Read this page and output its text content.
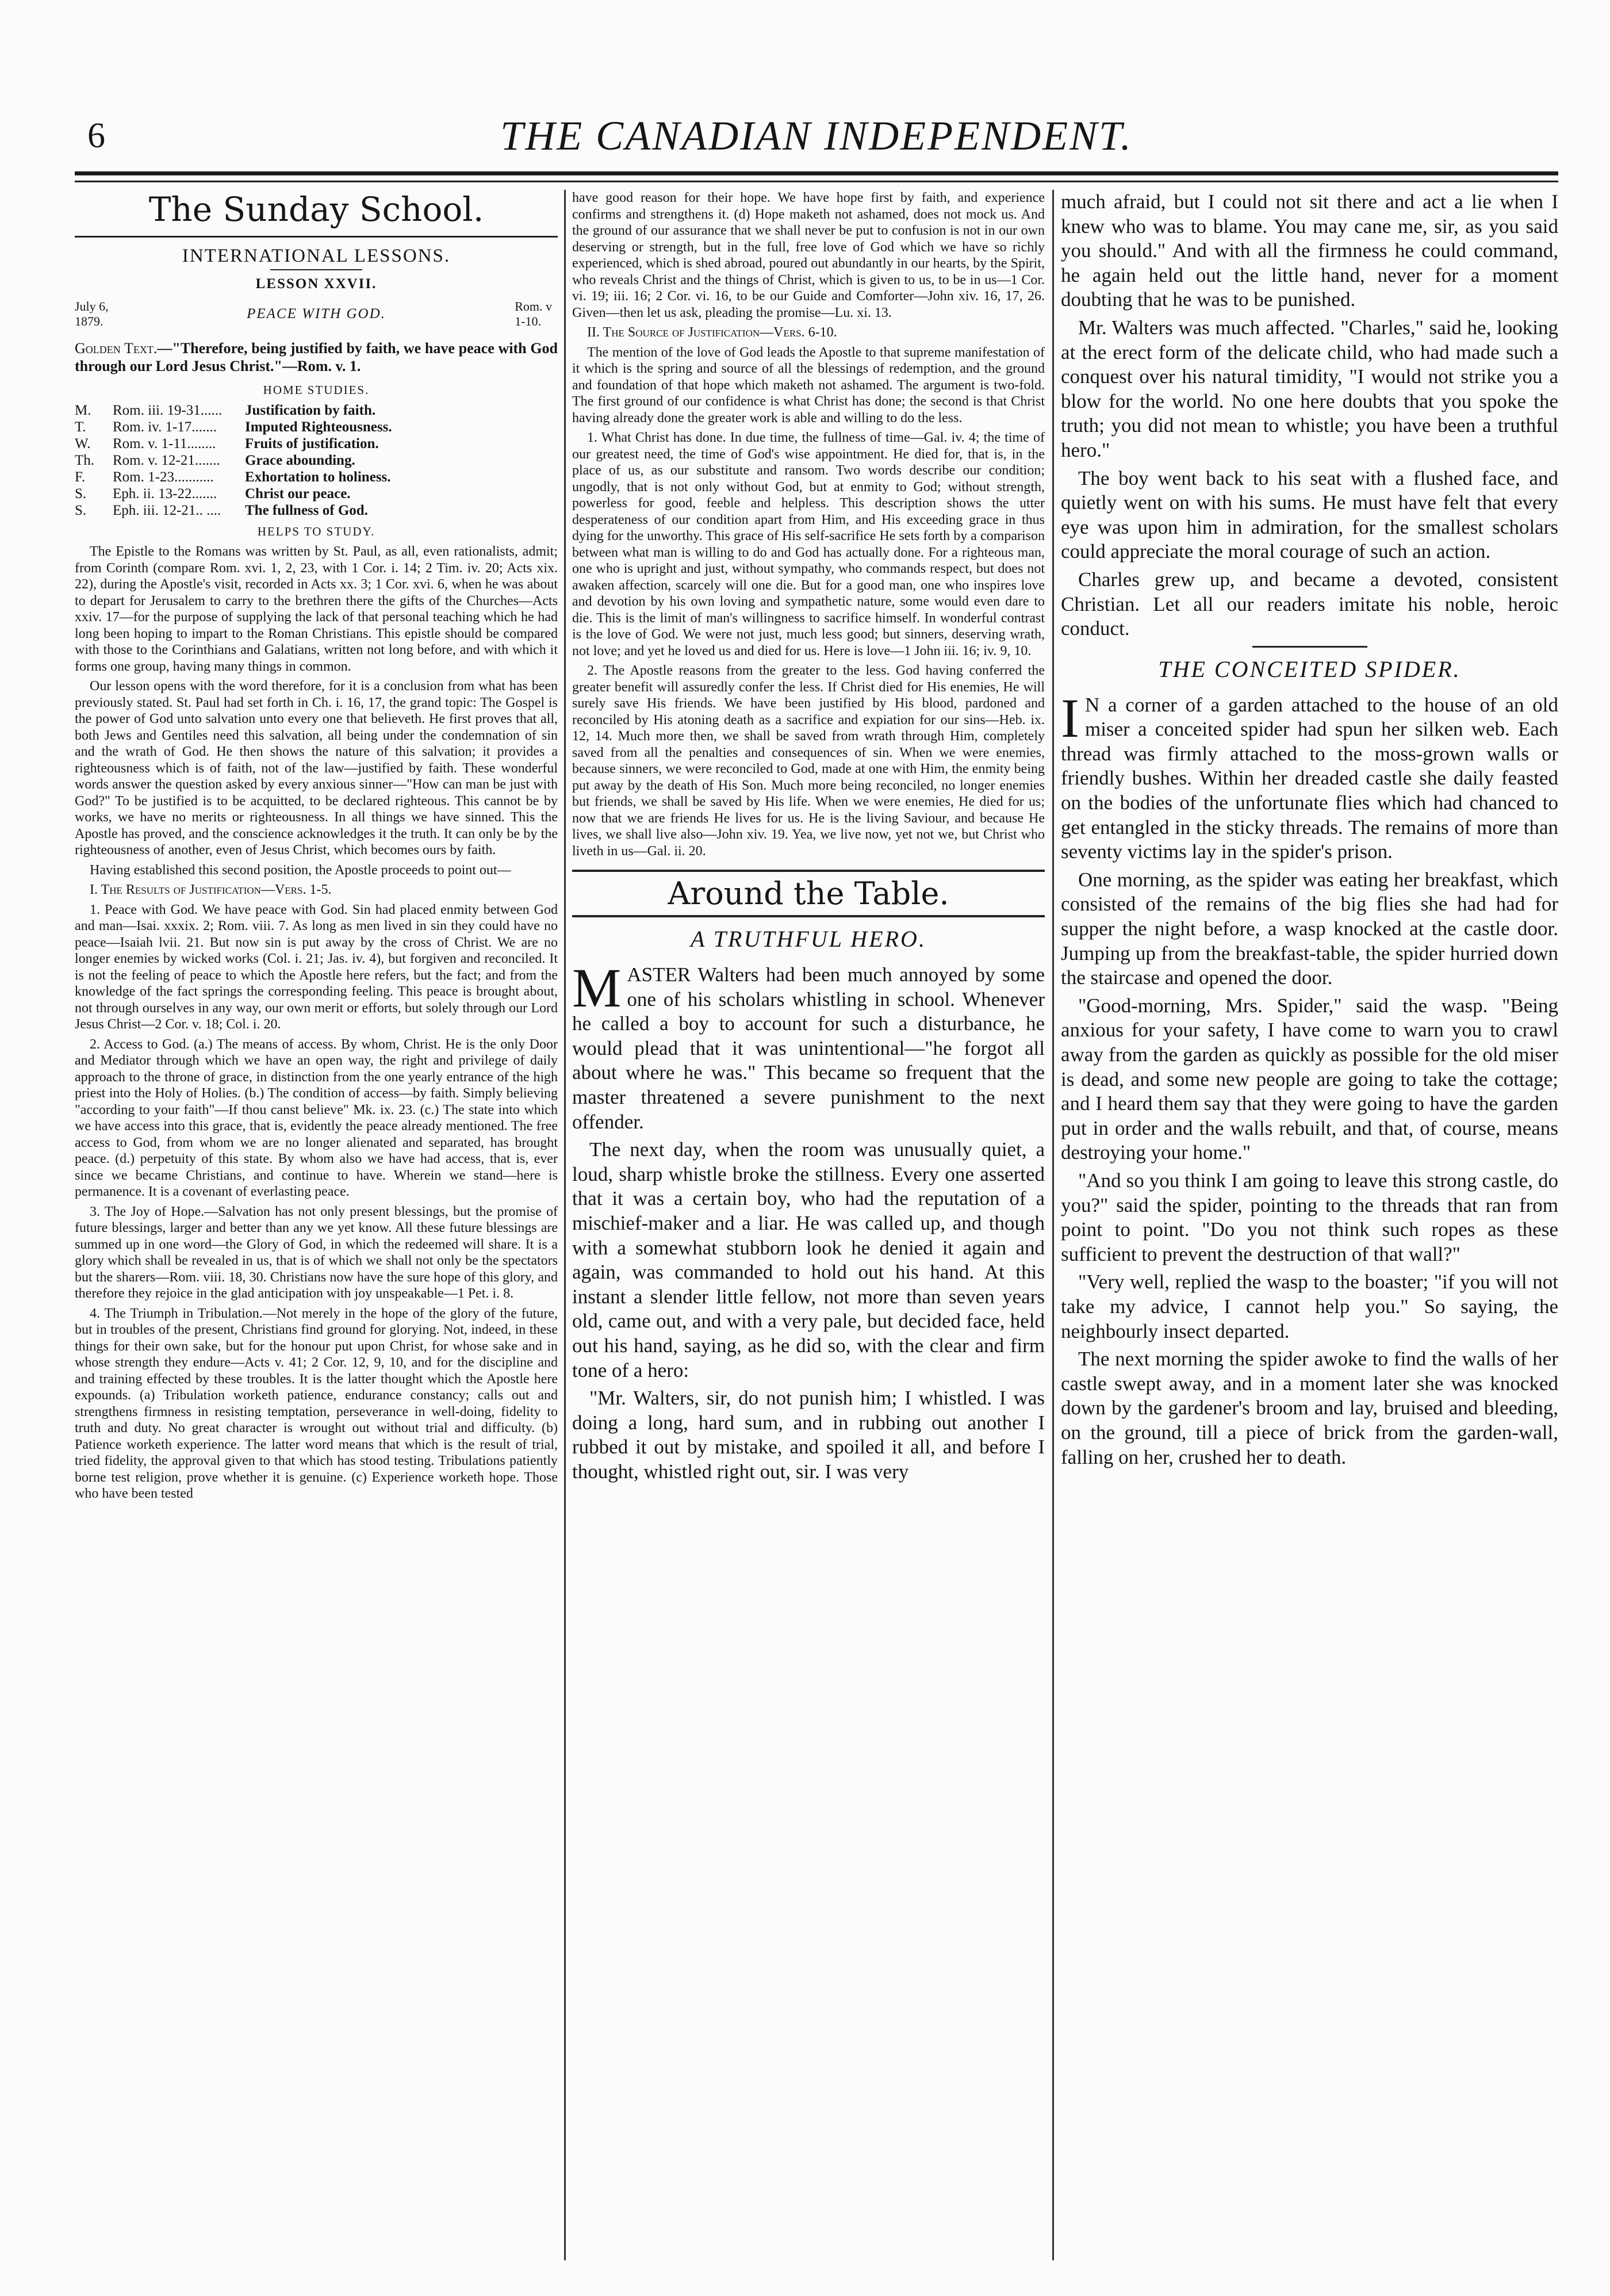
6	THE CANADIAN INDEPENDENT.
The Sunday School.
INTERNATIONAL LESSONS.
LESSON XXVII.
July 6,
1879.	PEACE WITH GOD.	Rom. v
1-10.
Golden Text.—"Therefore, being justified by faith, we have peace with God through our Lord Jesus Christ."—Rom. v. 1.
HOME STUDIES.
M.	Rom. iii. 19-31......	Justification by faith.
T.	Rom. iv. 1-17.......	Imputed Righteousness.
W.	Rom. v. 1-11........	Fruits of justification.
Th.	Rom. v. 12-21.......	Grace abounding.
F.	Rom. 1-23...........	Exhortation to holiness.
S.	Eph. ii. 13-22.......	Christ our peace.
S.	Eph. iii. 12-21.. ....	The fullness of God.
HELPS TO STUDY.

The Epistle to the Romans was written by St. Paul, as all, even rationalists, admit; from Corinth (compare Rom. xvi. 1, 2, 23, with 1 Cor. i. 14; 2 Tim. iv. 20; Acts xix. 22), during the Apostle's visit, recorded in Acts xx. 3; 1 Cor. xvi. 6, when he was about to depart for Jerusalem to carry to the brethren there the gifts of the Churches—Acts xxiv. 17—for the purpose of supplying the lack of that personal teaching which he had long been hoping to impart to the Roman Christians. This epistle should be compared with those to the Corinthians and Galatians, written not long before, and with which it forms one group, having many things in common.

Our lesson opens with the word therefore, for it is a conclusion from what has been previously stated. St. Paul had set forth in Ch. i. 16, 17, the grand topic: The Gospel is the power of God unto salvation unto every one that believeth. He first proves that all, both Jews and Gentiles need this salvation, all being under the condemnation of sin and the wrath of God. He then shows the nature of this salvation; it provides a righteousness which is of faith, not of the law—justified by faith. These wonderful words answer the question asked by every anxious sinner—"How can man be just with God?" To be justified is to be acquitted, to be declared righteous. This cannot be by works, we have no merits or righteousness. In all things we have sinned. This the Apostle has proved, and the conscience acknowledges it the truth. It can only be by the righteousness of another, even of Jesus Christ, which becomes ours by faith.

Having established this second position, the Apostle proceeds to point out—

I. The Results of Justification—Vers. 1-5.

1. Peace with God. We have peace with God. Sin had placed enmity between God and man—Isai. xxxix. 2; Rom. viii. 7. As long as men lived in sin they could have no peace—Isaiah lvii. 21. But now sin is put away by the cross of Christ. We are no longer enemies by wicked works (Col. i. 21; Jas. iv. 4), but forgiven and reconciled. It is not the feeling of peace to which the Apostle here refers, but the fact; and from the knowledge of the fact springs the corresponding feeling. This peace is brought about, not through ourselves in any way, our own merit or efforts, but solely through our Lord Jesus Christ—2 Cor. v. 18; Col. i. 20.

2. Access to God. (a.) The means of access. By whom, Christ. He is the only Door and Mediator through which we have an open way, the right and privilege of daily approach to the throne of grace, in distinction from the one yearly entrance of the high priest into the Holy of Holies. (b.) The condition of access—by faith. Simply believing "according to your faith"—If thou canst believe" Mk. ix. 23. (c.) The state into which we have access into this grace, that is, evidently the peace already mentioned. The free access to God, from whom we are no longer alienated and separated, has brought peace. (d.) perpetuity of this state. By whom also we have had access, that is, ever since we became Christians, and continue to have. Wherein we stand—here is permanence. It is a covenant of everlasting peace.

3. The Joy of Hope.—Salvation has not only present blessings, but the promise of future blessings, larger and better than any we yet know. All these future blessings are summed up in one word—the Glory of God, in which the redeemed will share. It is a glory which shall be revealed in us, that is of which we shall not only be the spectators but the sharers—Rom. viii. 18, 30. Christians now have the sure hope of this glory, and therefore they rejoice in the glad anticipation with joy unspeakable—1 Pet. i. 8.

4. The Triumph in Tribulation.—Not merely in the hope of the glory of the future, but in troubles of the present, Christians find ground for glorying. Not, indeed, in these things for their own sake, but for the honour put upon Christ, for whose sake and in whose strength they endure—Acts v. 41; 2 Cor. 12, 9, 10, and for the discipline and and training effected by these troubles. It is the latter thought which the Apostle here expounds. (a) Tribulation worketh patience, endurance constancy; calls out and strengthens firmness in resisting temptation, perseverance in well-doing, fidelity to truth and duty. No great character is wrought out without trial and difficulty. (b) Patience worketh experience. The latter word means that which is the result of trial, tried fidelity, the approval given to that which has stood testing. Tribulations patiently borne test religion, prove whether it is genuine. (c) Experience worketh hope. Those who have been tested

have good reason for their hope. We have hope first by faith, and experience confirms and strengthens it. (d) Hope maketh not ashamed, does not mock us. And the ground of our assurance that we shall never be put to confusion is not in our own deserving or strength, but in the full, free love of God which we have so richly experienced, which is shed abroad, poured out abundantly in our hearts, by the Spirit, who reveals Christ and the things of Christ, which is given to us, to be in us—1 Cor. vi. 19; iii. 16; 2 Cor. vi. 16, to be our Guide and Comforter—John xiv. 16, 17, 26. Given—then let us ask, pleading the promise—Lu. xi. 13.

II. The Source of Justification—Vers. 6-10.

The mention of the love of God leads the Apostle to that supreme manifestation of it which is the spring and source of all the blessings of redemption, and the ground and foundation of that hope which maketh not ashamed. The argument is two-fold. The first ground of our confidence is what Christ has done; the second is that Christ having already done the greater work is able and willing to do the less.

1. What Christ has done. In due time, the fullness of time—Gal. iv. 4; the time of our greatest need, the time of God's wise appointment. He died for, that is, in the place of us, as our substitute and ransom. Two words describe our condition; ungodly, that is not only without God, but at enmity to God; without strength, powerless for good, feeble and helpless. This description shows the utter desperateness of our condition apart from Him, and His exceeding grace in thus dying for the unworthy. This grace of His self-sacrifice He sets forth by a comparison between what man is willing to do and God has actually done. For a righteous man, one who is upright and just, without sympathy, who commands respect, but does not awaken affection, scarcely will one die. But for a good man, one who inspires love and devotion by his own loving and sympathetic nature, some would even dare to die. This is the limit of man's willingness to sacrifice himself. In wonderful contrast is the love of God. We were not just, much less good; but sinners, deserving wrath, not love; and yet he loved us and died for us. Here is love—1 John iii. 16; iv. 9, 10.

2. The Apostle reasons from the greater to the less. God having conferred the greater benefit will assuredly confer the less. If Christ died for His enemies, He will surely save His friends. We have been justified by His blood, pardoned and reconciled by His atoning death as a sacrifice and expiation for our sins—Heb. ix. 12, 14. Much more then, we shall be saved from wrath through Him, completely saved from all the penalties and consequences of sin. When we were enemies, because sinners, we were reconciled to God, made at one with Him, the enmity being put away by the death of His Son. Much more being reconciled, no longer enemies but friends, we shall be saved by His life. When we were enemies, He died for us; now that we are friends He lives for us. He is the living Saviour, and because He lives, we shall live also—John xiv. 19. Yea, we live now, yet not we, but Christ who liveth in us—Gal. ii. 20.

Around the Table.
A TRUTHFUL HERO.

MASTER Walters had been much annoyed by some one of his scholars whistling in school. Whenever he called a boy to account for such a disturbance, he would plead that it was unintentional—"he forgot all about where he was." This became so frequent that the master threatened a severe punishment to the next offender.

The next day, when the room was unusually quiet, a loud, sharp whistle broke the stillness. Every one asserted that it was a certain boy, who had the reputation of a mischief-maker and a liar. He was called up, and though with a somewhat stubborn look he denied it again and again, was commanded to hold out his hand. At this instant a slender little fellow, not more than seven years old, came out, and with a very pale, but decided face, held out his hand, saying, as he did so, with the clear and firm tone of a hero:

"Mr. Walters, sir, do not punish him; I whistled. I was doing a long, hard sum, and in rubbing out another I rubbed it out by mistake, and spoiled it all, and before I thought, whistled right out, sir. I was very

much afraid, but I could not sit there and act a lie when I knew who was to blame. You may cane me, sir, as you said you should." And with all the firmness he could command, he again held out the little hand, never for a moment doubting that he was to be punished.

Mr. Walters was much affected. "Charles," said he, looking at the erect form of the delicate child, who had made such a conquest over his natural timidity, "I would not strike you a blow for the world. No one here doubts that you spoke the truth; you did not mean to whistle; you have been a truthful hero."

The boy went back to his seat with a flushed face, and quietly went on with his sums. He must have felt that every eye was upon him in admiration, for the smallest scholars could appreciate the moral courage of such an action.

Charles grew up, and became a devoted, consistent Christian. Let all our readers imitate his noble, heroic conduct.

THE CONCEITED SPIDER.

I N a corner of a garden attached to the house of an old miser a conceited spider had spun her silken web. Each thread was firmly attached to the moss-grown walls or friendly bushes. Within her dreaded castle she daily feasted on the bodies of the unfortunate flies which had chanced to get entangled in the sticky threads. The remains of more than seventy victims lay in the spider's prison.

One morning, as the spider was eating her breakfast, which consisted of the remains of the big flies she had had for supper the night before, a wasp knocked at the castle door. Jumping up from the breakfast-table, the spider hurried down the staircase and opened the door.

"Good-morning, Mrs. Spider," said the wasp. "Being anxious for your safety, I have come to warn you to crawl away from the garden as quickly as possible for the old miser is dead, and some new people are going to take the cottage; and I heard them say that they were going to have the garden put in order and the walls rebuilt, and that, of course, means destroying your home."

"And so you think I am going to leave this strong castle, do you?" said the spider, pointing to the threads that ran from point to point. "Do you not think such ropes as these sufficient to prevent the destruction of that wall?"

"Very well, replied the wasp to the boaster; "if you will not take my advice, I cannot help you." So saying, the neighbourly insect departed.

The next morning the spider awoke to find the walls of her castle swept away, and in a moment later she was knocked down by the gardener's broom and lay, bruised and bleeding, on the ground, till a piece of brick from the garden-wall, falling on her, crushed her to death.
